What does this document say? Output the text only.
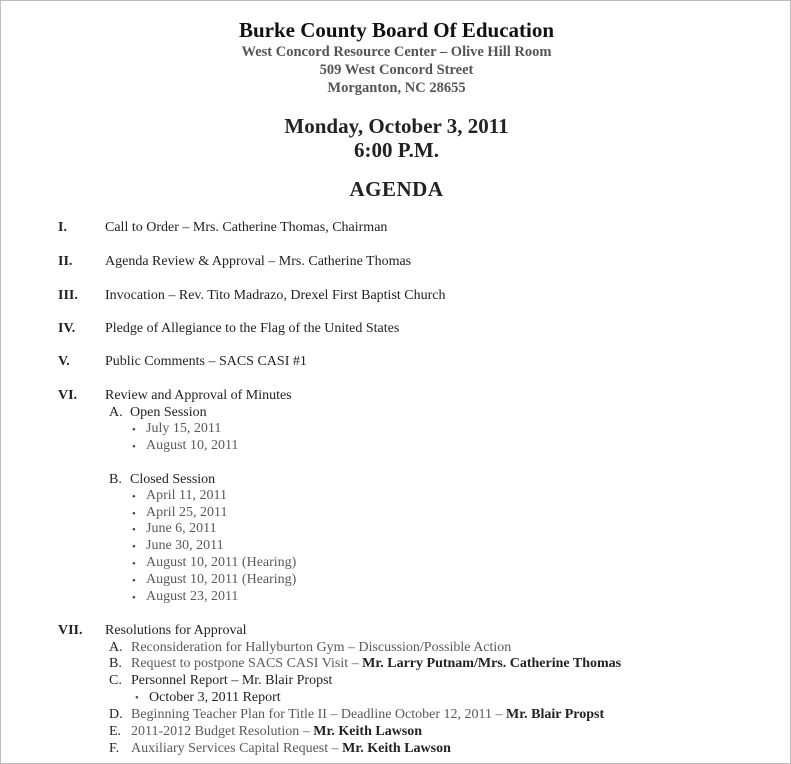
Burke County Board Of Education
West Concord Resource Center – Olive Hill Room
509 West Concord Street
Morganton, NC 28655
Monday, October 3, 2011
6:00 P.M.
AGENDA
I.	Call to Order – Mrs. Catherine Thomas, Chairman
II. Agenda Review & Approval – Mrs. Catherine Thomas
III. Invocation – Rev. Tito Madrazo, Drexel First Baptist Church
IV. Pledge of Allegiance to the Flag of the United States
V.	Public Comments – SACS CASI #1
VI. Review and Approval of Minutes
A. Open Session
• July 15, 2011
• August 10, 2011
B. Closed Session
• April 11, 2011
• April 25, 2011
• June 6, 2011
• June 30, 2011
• August 10, 2011 (Hearing)
• August 10, 2011 (Hearing)
• August 23, 2011
VII. Resolutions for Approval
A. Reconsideration for Hallyburton Gym – Discussion/Possible Action
B. Request to postpone SACS CASI Visit – Mr. Larry Putnam/Mrs. Catherine Thomas
C. Personnel Report – Mr. Blair Propst
• October 3, 2011 Report
D. Beginning Teacher Plan for Title II – Deadline October 12, 2011 – Mr. Blair Propst
E. 2011-2012 Budget Resolution – Mr. Keith Lawson
F. Auxiliary Services Capital Request – Mr. Keith Lawson
